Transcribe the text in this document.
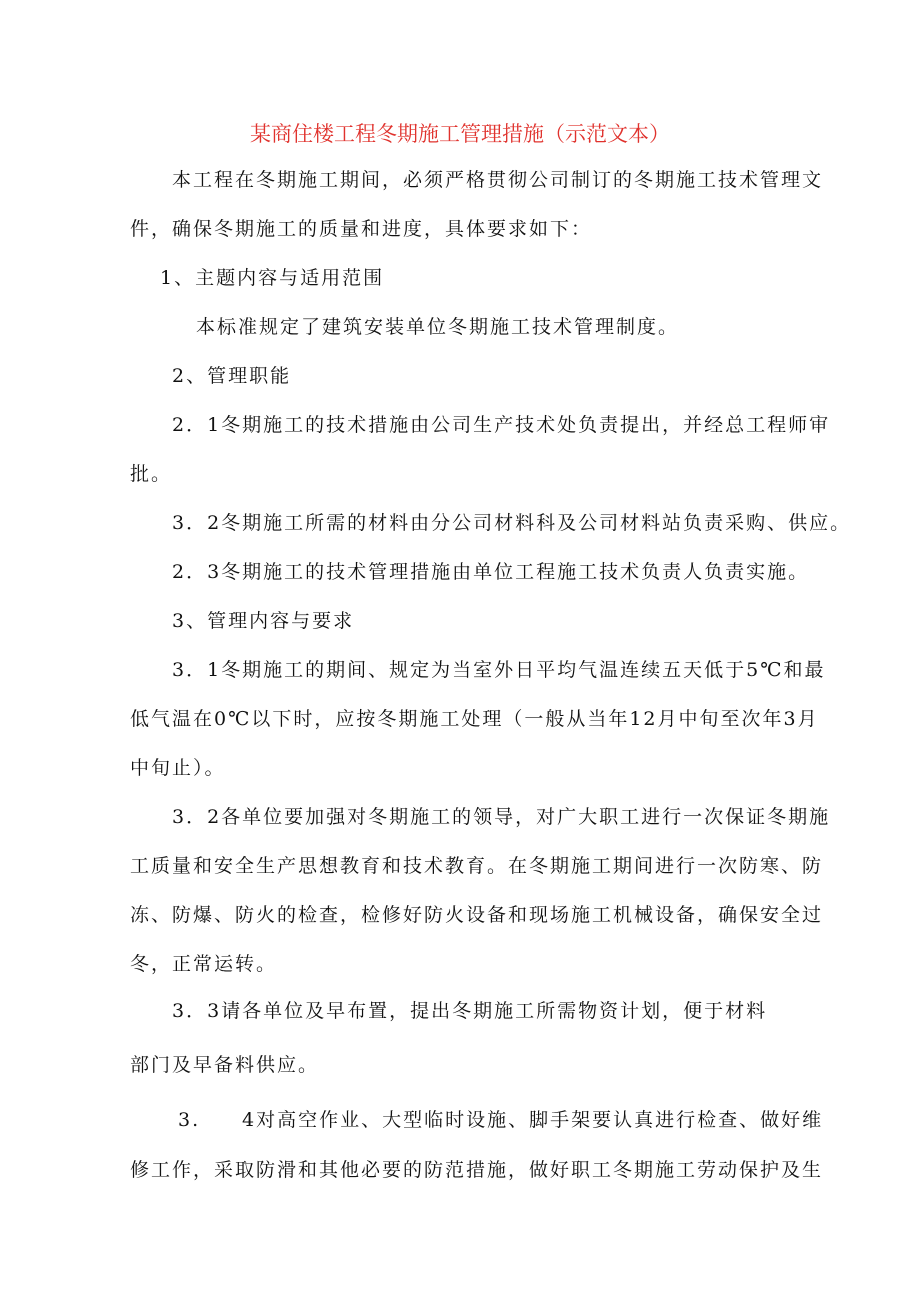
某商住楼工程冬期施工管理措施（示范文本）
本工程在冬期施工期间，必须严格贯彻公司制订的冬期施工技术管理文
件，确保冬期施工的质量和进度，具体要求如下：
1、主题内容与适用范围
本标准规定了建筑安装单位冬期施工技术管理制度。
2、管理职能
2．1冬期施工的技术措施由公司生产技术处负责提出，并经总工程师审
批。
3．2冬期施工所需的材料由分公司材料科及公司材料站负责采购、供应。
2．3冬期施工的技术管理措施由单位工程施工技术负责人负责实施。
3、管理内容与要求
3．1冬期施工的期间、规定为当室外日平均气温连续五天低于5℃和最
低气温在0℃以下时，应按冬期施工处理（一般从当年12月中旬至次年3月
中旬止）。
3．2各单位要加强对冬期施工的领导，对广大职工进行一次保证冬期施
工质量和安全生产思想教育和技术教育。在冬期施工期间进行一次防寒、防
冻、防爆、防火的检查，检修好防火设备和现场施工机械设备，确保安全过
冬，正常运转。
3．3请各单位及早布置，提出冬期施工所需物资计划，便于材料
部门及早备料供应。
3. 4对高空作业、大型临时设施、脚手架要认真进行检查、做好维
修工作，采取防滑和其他必要的防范措施，做好职工冬期施工劳动保护及生
